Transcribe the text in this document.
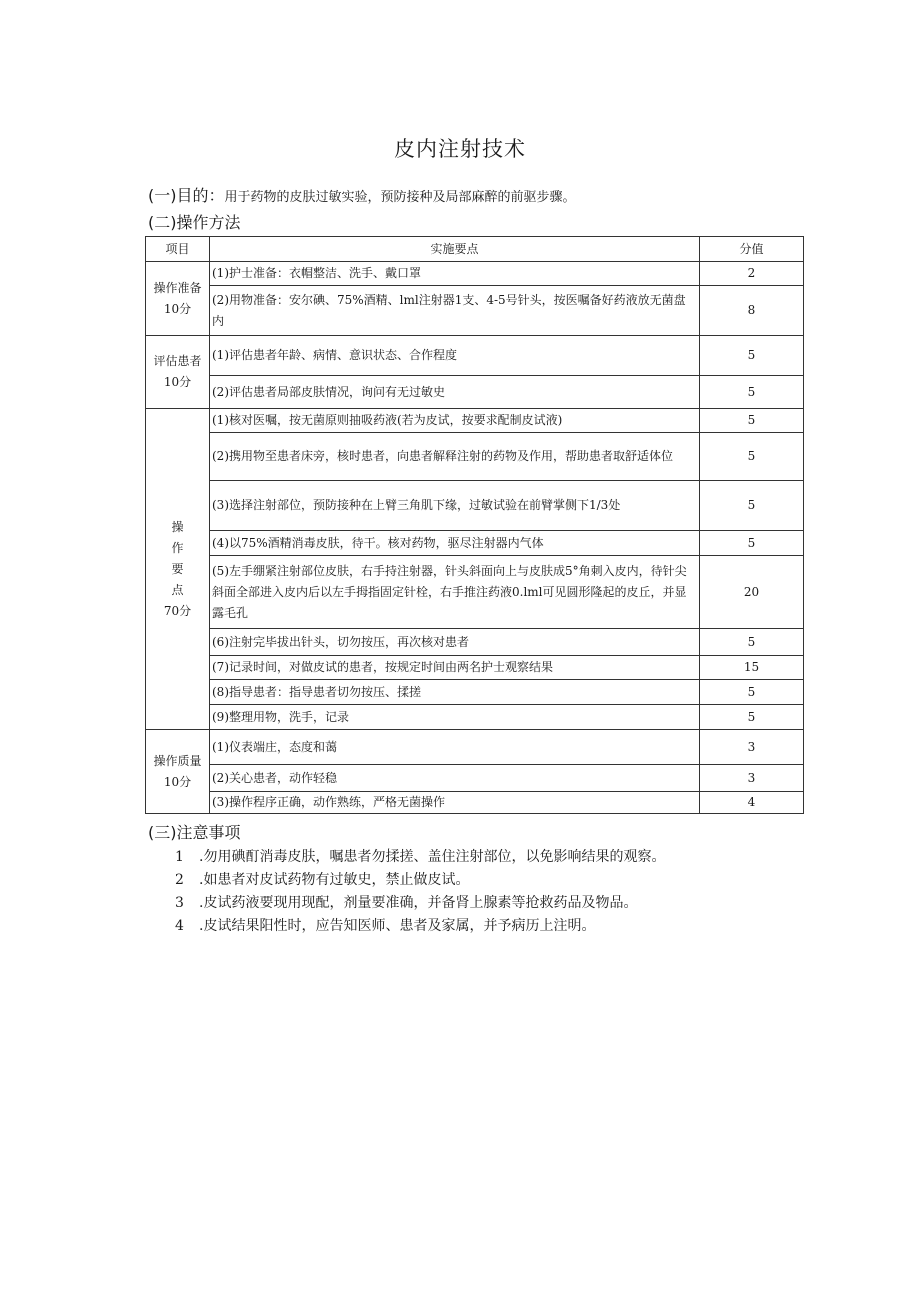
皮内注射技术
(一)目的：用于药物的皮肤过敏实验，预防接种及局部麻醉的前驱步骤。
(二)操作方法
项目	实施要点	分值

操作准备
10分	(1)护士准备：衣帽整洁、洗手、戴口罩	2
	(2)用物准备：安尔碘、75%酒精、lml注射器1支、4-5号针头，按医嘱备好药液放无菌盘内	8

评估患者
10分	(1)评估患者年龄、病情、意识状态、合作程度	5
	(2)评估患者局部皮肤情况，询问有无过敏史	5

操
作
要
点
70分	(1)核对医嘱，按无菌原则抽吸药液(若为皮试，按要求配制皮试液)	5
	(2)携用物至患者床旁，核时患者，向患者解释注射的药物及作用，帮助患者取舒适体位	5
	(3)选择注射部位，预防接种在上臂三角肌下缘，过敏试验在前臂掌侧下1/3处	5
	(4)以75%酒精消毒皮肤，待干。核对药物，驱尽注射器内气体	5
	(5)左手绷紧注射部位皮肤，右手持注射器，针头斜面向上与皮肤成5°角刺入皮内，待针尖斜面全部进入皮内后以左手拇指固定针栓，右手推注药液0.lml可见圆形隆起的皮丘，并显露毛孔	20
	(6)注射完毕拔出针头，切勿按压，再次核对患者	5
	(7)记录时间，对做皮试的患者，按规定时间由两名护士观察结果	15
	(8)指导患者：指导患者切勿按压、揉搓	5
	(9)整理用物，洗手，记录	5

操作质量
10分	(1)仪表端庄，态度和蔼	3
	(2)关心患者，动作轻稳	3
	(3)操作程序正确，动作熟练，严格无菌操作	4
(三)注意事项
1 .勿用碘酊消毒皮肤，嘱患者勿揉搓、盖住注射部位，以免影响结果的观察。
2 .如患者对皮试药物有过敏史，禁止做皮试。
3 .皮试药液要现用现配，剂量要准确，并备肾上腺素等抢救药品及物品。
4 .皮试结果阳性时，应告知医师、患者及家属，并予病历上注明。
